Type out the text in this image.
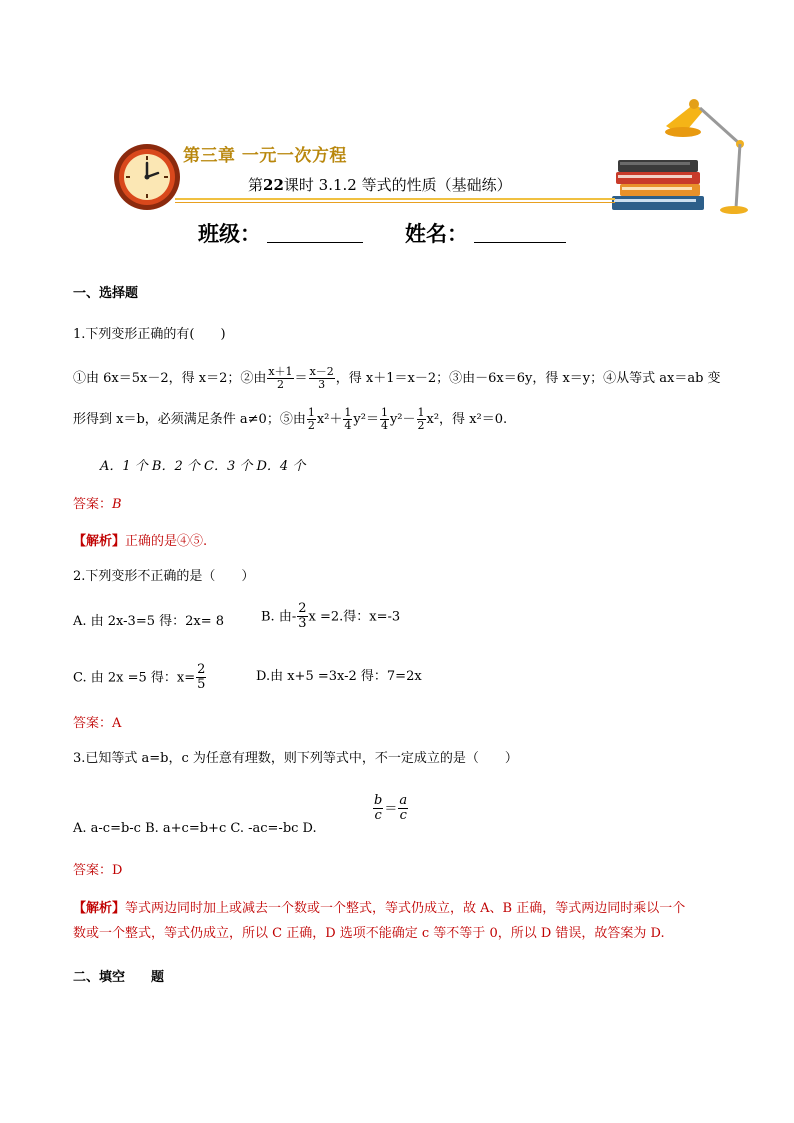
第三章 一元一次方程
第22课时 3.1.2 等式的性质（基础练）
班级：	姓名：
一、选择题
1.下列变形正确的有(　　)
①由 6x＝5x－2，得 x＝2；②由 $\frac{x+1}{2} = \frac{x-2}{3}$ ，得 x＋1＝x－2；③由－6x＝6y，得 x＝y；④从等式 ax＝ab 变
形得到 x＝b，必须满足条件 a≠0；⑤由 $\frac{1}{2} x^2+ \frac{1}{4} y^2= \frac{1}{4} y^2- \frac{1}{2} x^2$，得 x²＝0.
A．1 个 B．2 个 C．3 个 D．4 个
答案：B
【解析】正确的是④⑤.
2.下列变形不正确的是（　　）
A. 由 2x-3=5 得：2x= 8	B. 由- $\frac{2}{3}$ x =2.得：x=-3
C. 由 2x =5 得：$x= \frac{2}{5}$	D.由 x+5 =3x-2 得：7=2x
答案：A
3.已知等式 a=b，c 为任意有理数，则下列等式中，不一定成立的是（　　）
A. a-c=b-c B. a+c=b+c C. -ac=-bc D.
$\frac{b}{c} = \frac{a}{c}$
答案：D
【解析】等式两边同时加上或减去一个数或一个整式，等式仍成立，故 A、B 正确，等式两边同时乘以一个
数或一个整式，等式仍成立，所以 C 正确，D 选项不能确定 c 等不等于 0，所以 D 错误，故答案为 D.
二、填空　　题
